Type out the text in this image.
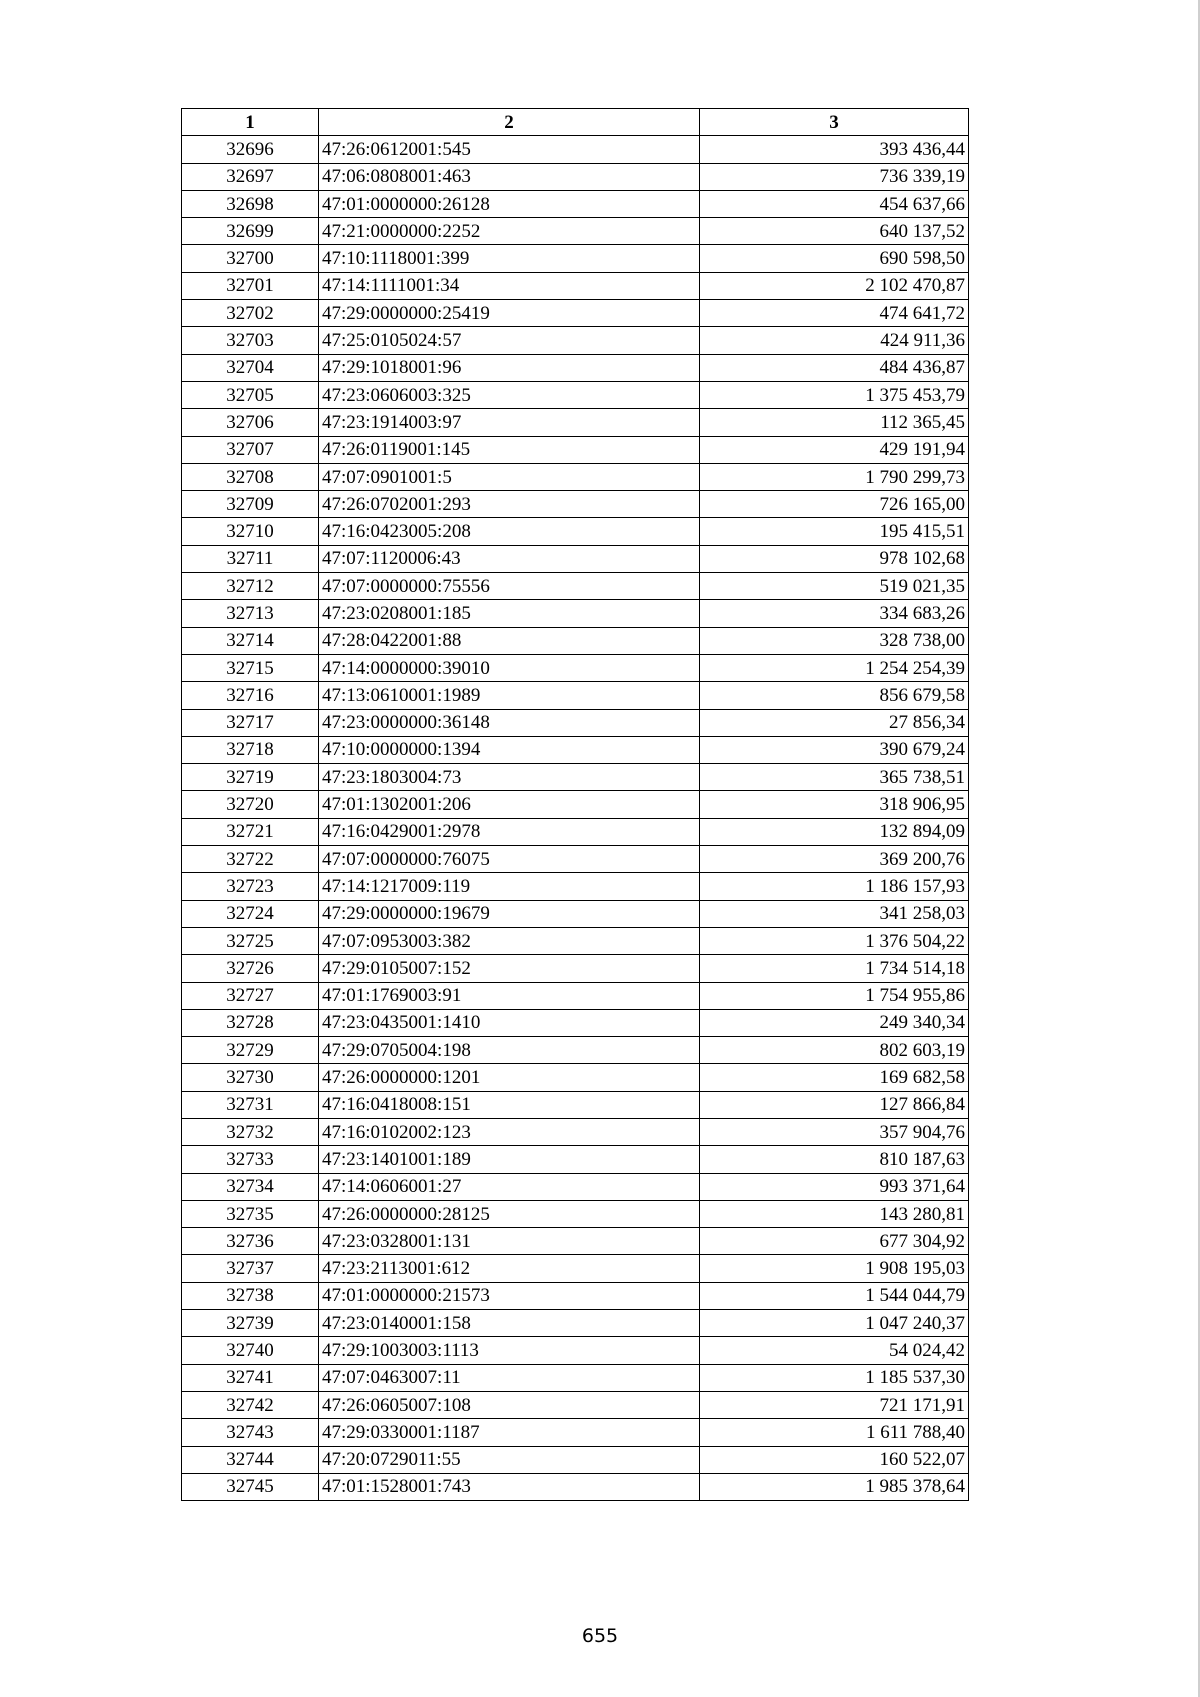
1	2	3
32696	47:26:0612001:545	393 436,44
32697	47:06:0808001:463	736 339,19
32698	47:01:0000000:26128	454 637,66
32699	47:21:0000000:2252	640 137,52
32700	47:10:1118001:399	690 598,50
32701	47:14:1111001:34	2 102 470,87
32702	47:29:0000000:25419	474 641,72
32703	47:25:0105024:57	424 911,36
32704	47:29:1018001:96	484 436,87
32705	47:23:0606003:325	1 375 453,79
32706	47:23:1914003:97	112 365,45
32707	47:26:0119001:145	429 191,94
32708	47:07:0901001:5	1 790 299,73
32709	47:26:0702001:293	726 165,00
32710	47:16:0423005:208	195 415,51
32711	47:07:1120006:43	978 102,68
32712	47:07:0000000:75556	519 021,35
32713	47:23:0208001:185	334 683,26
32714	47:28:0422001:88	328 738,00
32715	47:14:0000000:39010	1 254 254,39
32716	47:13:0610001:1989	856 679,58
32717	47:23:0000000:36148	27 856,34
32718	47:10:0000000:1394	390 679,24
32719	47:23:1803004:73	365 738,51
32720	47:01:1302001:206	318 906,95
32721	47:16:0429001:2978	132 894,09
32722	47:07:0000000:76075	369 200,76
32723	47:14:1217009:119	1 186 157,93
32724	47:29:0000000:19679	341 258,03
32725	47:07:0953003:382	1 376 504,22
32726	47:29:0105007:152	1 734 514,18
32727	47:01:1769003:91	1 754 955,86
32728	47:23:0435001:1410	249 340,34
32729	47:29:0705004:198	802 603,19
32730	47:26:0000000:1201	169 682,58
32731	47:16:0418008:151	127 866,84
32732	47:16:0102002:123	357 904,76
32733	47:23:1401001:189	810 187,63
32734	47:14:0606001:27	993 371,64
32735	47:26:0000000:28125	143 280,81
32736	47:23:0328001:131	677 304,92
32737	47:23:2113001:612	1 908 195,03
32738	47:01:0000000:21573	1 544 044,79
32739	47:23:0140001:158	1 047 240,37
32740	47:29:1003003:1113	54 024,42
32741	47:07:0463007:11	1 185 537,30
32742	47:26:0605007:108	721 171,91
32743	47:29:0330001:1187	1 611 788,40
32744	47:20:0729011:55	160 522,07
32745	47:01:1528001:743	1 985 378,64
655
